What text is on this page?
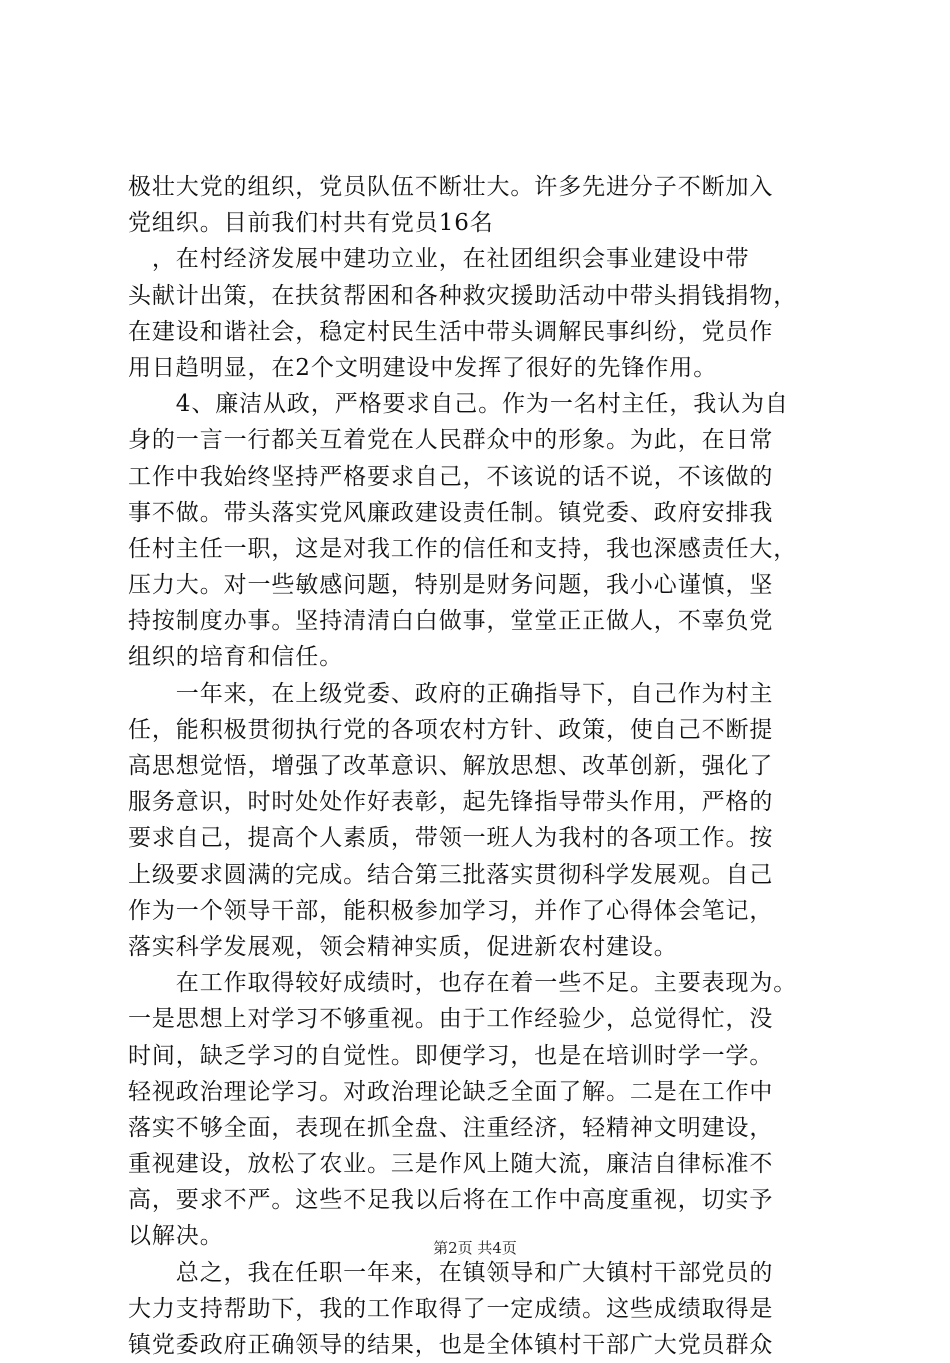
极壮大党的组织，党员队伍不断壮大。许多先进分子不断加入
党组织。目前我们村共有党员16名
　，在村经济发展中建功立业，在社团组织会事业建设中带
头献计出策，在扶贫帮困和各种救灾援助活动中带头捐钱捐物，
在建设和谐社会，稳定村民生活中带头调解民事纠纷，党员作
用日趋明显，在2个文明建设中发挥了很好的先锋作用。
　　4、廉洁从政，严格要求自己。作为一名村主任，我认为自
身的一言一行都关互着党在人民群众中的形象。为此，在日常
工作中我始终坚持严格要求自己，不该说的话不说，不该做的
事不做。带头落实党风廉政建设责任制。镇党委、政府安排我
任村主任一职，这是对我工作的信任和支持，我也深感责任大，
压力大。对一些敏感问题，特别是财务问题，我小心谨慎，坚
持按制度办事。坚持清清白白做事，堂堂正正做人，不辜负党
组织的培育和信任。
　　一年来，在上级党委、政府的正确指导下，自己作为村主
任，能积极贯彻执行党的各项农村方针、政策，使自己不断提
高思想觉悟，增强了改革意识、解放思想、改革创新，强化了
服务意识，时时处处作好表彰，起先锋指导带头作用，严格的
要求自己，提高个人素质，带领一班人为我村的各项工作。按
上级要求圆满的完成。结合第三批落实贯彻科学发展观。自己
作为一个领导干部，能积极参加学习，并作了心得体会笔记，
落实科学发展观，领会精神实质，促进新农村建设。
　　在工作取得较好成绩时，也存在着一些不足。主要表现为。
一是思想上对学习不够重视。由于工作经验少，总觉得忙，没
时间，缺乏学习的自觉性。即便学习，也是在培训时学一学。
轻视政治理论学习。对政治理论缺乏全面了解。二是在工作中
落实不够全面，表现在抓全盘、注重经济，轻精神文明建设，
重视建设，放松了农业。三是作风上随大流，廉洁自律标准不
高，要求不严。这些不足我以后将在工作中高度重视，切实予
以解决。
　　总之，我在任职一年来，在镇领导和广大镇村干部党员的
大力支持帮助下，我的工作取得了一定成绩。这些成绩取得是
镇党委政府正确领导的结果，也是全体镇村干部广大党员群众
第2页 共4页
